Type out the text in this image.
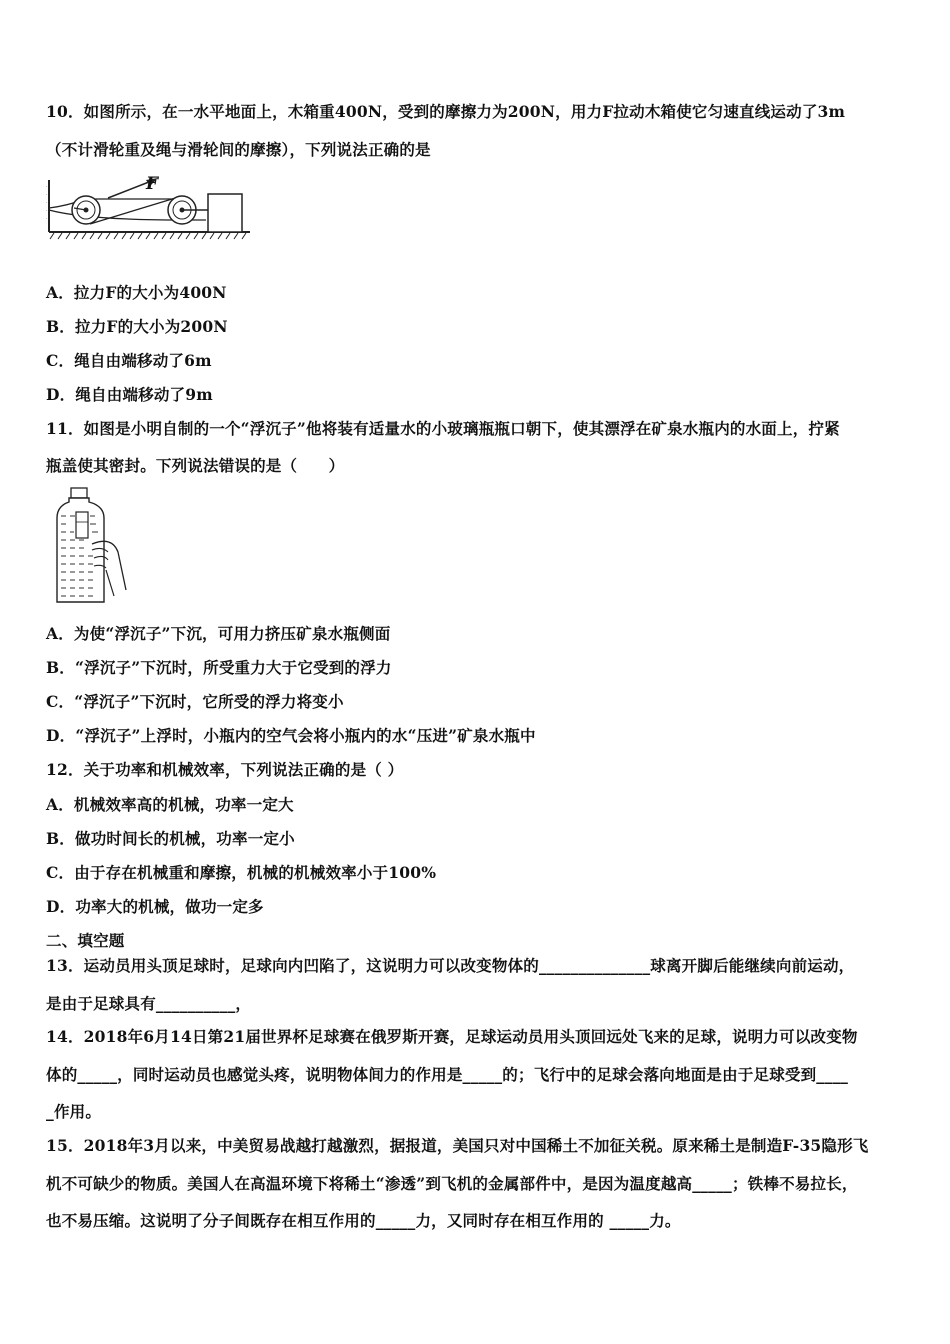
10．如图所示，在一水平地面上，木箱重400N，受到的摩擦力为200N，用力F拉动木箱使它匀速直线运动了3m
（不计滑轮重及绳与滑轮间的摩擦），下列说法正确的是
F
A．拉力F的大小为400N
B．拉力F的大小为200N
C．绳自由端移动了6m
D．绳自由端移动了9m
11．如图是小明自制的一个“浮沉子”他将装有适量水的小玻璃瓶瓶口朝下，使其漂浮在矿泉水瓶内的水面上，拧紧
瓶盖使其密封。下列说法错误的是（　　）
A．为使“浮沉子”下沉，可用力挤压矿泉水瓶侧面
B．“浮沉子”下沉时，所受重力大于它受到的浮力
C．“浮沉子”下沉时，它所受的浮力将变小
D．“浮沉子”上浮时，小瓶内的空气会将小瓶内的水“压进”矿泉水瓶中
12．关于功率和机械效率，下列说法正确的是（ ）
A．机械效率高的机械，功率一定大
B．做功时间长的机械，功率一定小
C．由于存在机械重和摩擦，机械的机械效率小于100%
D．功率大的机械，做功一定多
二、填空题
13．运动员用头顶足球时，足球向内凹陷了，这说明力可以改变物体的______________球离开脚后能继续向前运动，
是由于足球具有__________，
14．2018年6月14日第21届世界杯足球赛在俄罗斯开赛，足球运动员用头顶回远处飞来的足球，说明力可以改变物
体的_____，同时运动员也感觉头疼，说明物体间力的作用是_____的；飞行中的足球会落向地面是由于足球受到____
_作用。
15．2018年3月以来，中美贸易战越打越激烈，据报道，美国只对中国稀土不加征关税。原来稀土是制造F-35隐形飞
机不可缺少的物质。美国人在高温环境下将稀土“渗透”到飞机的金属部件中，是因为温度越高_____；铁棒不易拉长，
也不易压缩。这说明了分子间既存在相互作用的_____力，又同时存在相互作用的 _____力。
